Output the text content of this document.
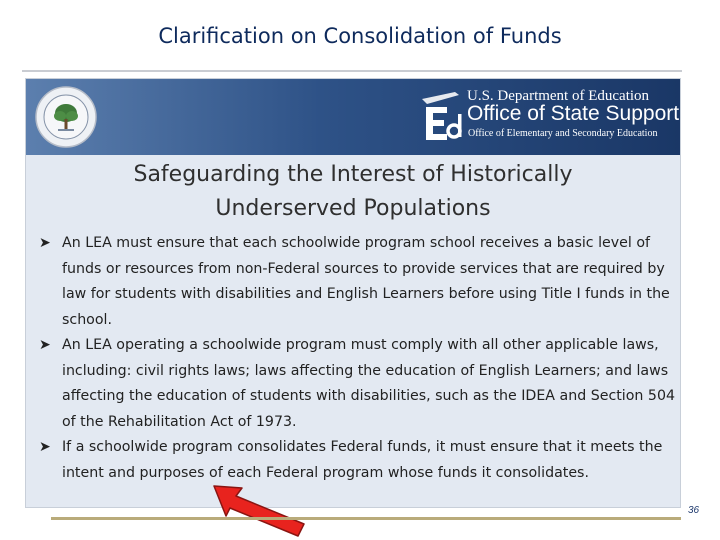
Clarification on Consolidation of Funds
U.S. Department of Education
Office of State Support
Office of Elementary and Secondary Education
Safeguarding the Interest of Historically
Underserved Populations
➤ An LEA must ensure that each schoolwide program school receives a basic level of funds or resources from non-Federal sources to provide services that are required by law for students with disabilities and English Learners before using Title I funds in the school.
➤ An LEA operating a schoolwide program must comply with all other applicable laws, including: civil rights laws; laws affecting the education of English Learners; and laws affecting the education of students with disabilities, such as the IDEA and Section 504 of the Rehabilitation Act of 1973.
➤ If a schoolwide program consolidates Federal funds, it must ensure that it meets the intent and purposes of each Federal program whose funds it consolidates.
36
